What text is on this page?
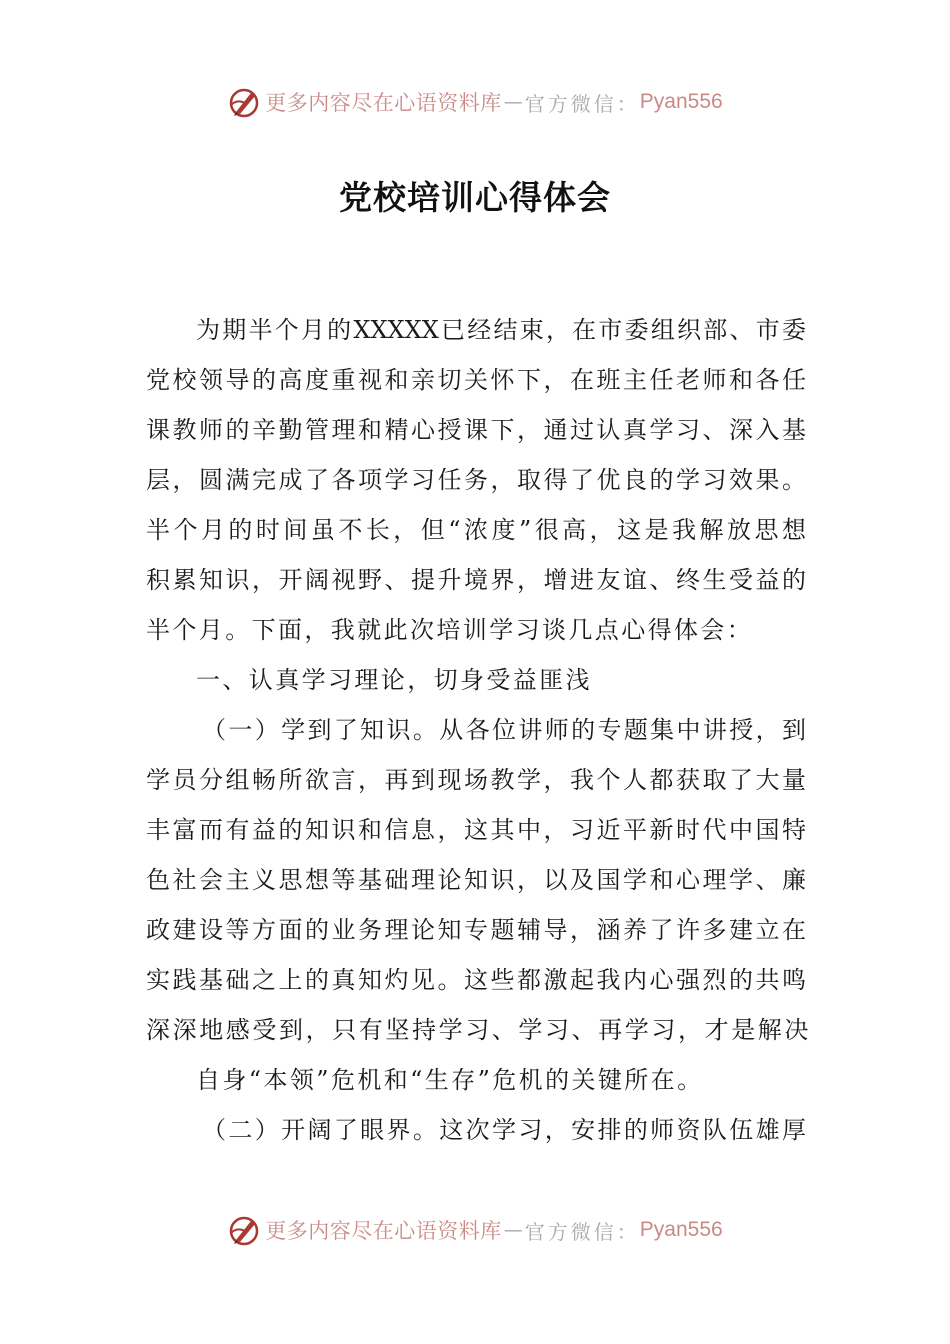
更多内容尽在心语资料库 — 官方微信： Pyan556
党校培训心得体会
为期半个月的XXXXX已经结束，在市委组织部、市委
党校领导的高度重视和亲切关怀下，在班主任老师和各任
课教师的辛勤管理和精心授课下，通过认真学习、深入基
层，圆满完成了各项学习任务，取得了优良的学习效果。
半个月的时间虽不长，但“浓度”很高，这是我解放思想
积累知识，开阔视野、提升境界，增进友谊、终生受益的
半个月。下面，我就此次培训学习谈几点心得体会：
一、认真学习理论，切身受益匪浅
（一）学到了知识。从各位讲师的专题集中讲授，到
学员分组畅所欲言，再到现场教学，我个人都获取了大量
丰富而有益的知识和信息，这其中，习近平新时代中国特
色社会主义思想等基础理论知识，以及国学和心理学、廉
政建设等方面的业务理论知专题辅导，涵养了许多建立在
实践基础之上的真知灼见。这些都激起我内心强烈的共鸣
深深地感受到，只有坚持学习、学习、再学习，才是解决
自身“本领”危机和“生存”危机的关键所在。
（二）开阔了眼界。这次学习，安排的师资队伍雄厚
更多内容尽在心语资料库 — 官方微信： Pyan556
